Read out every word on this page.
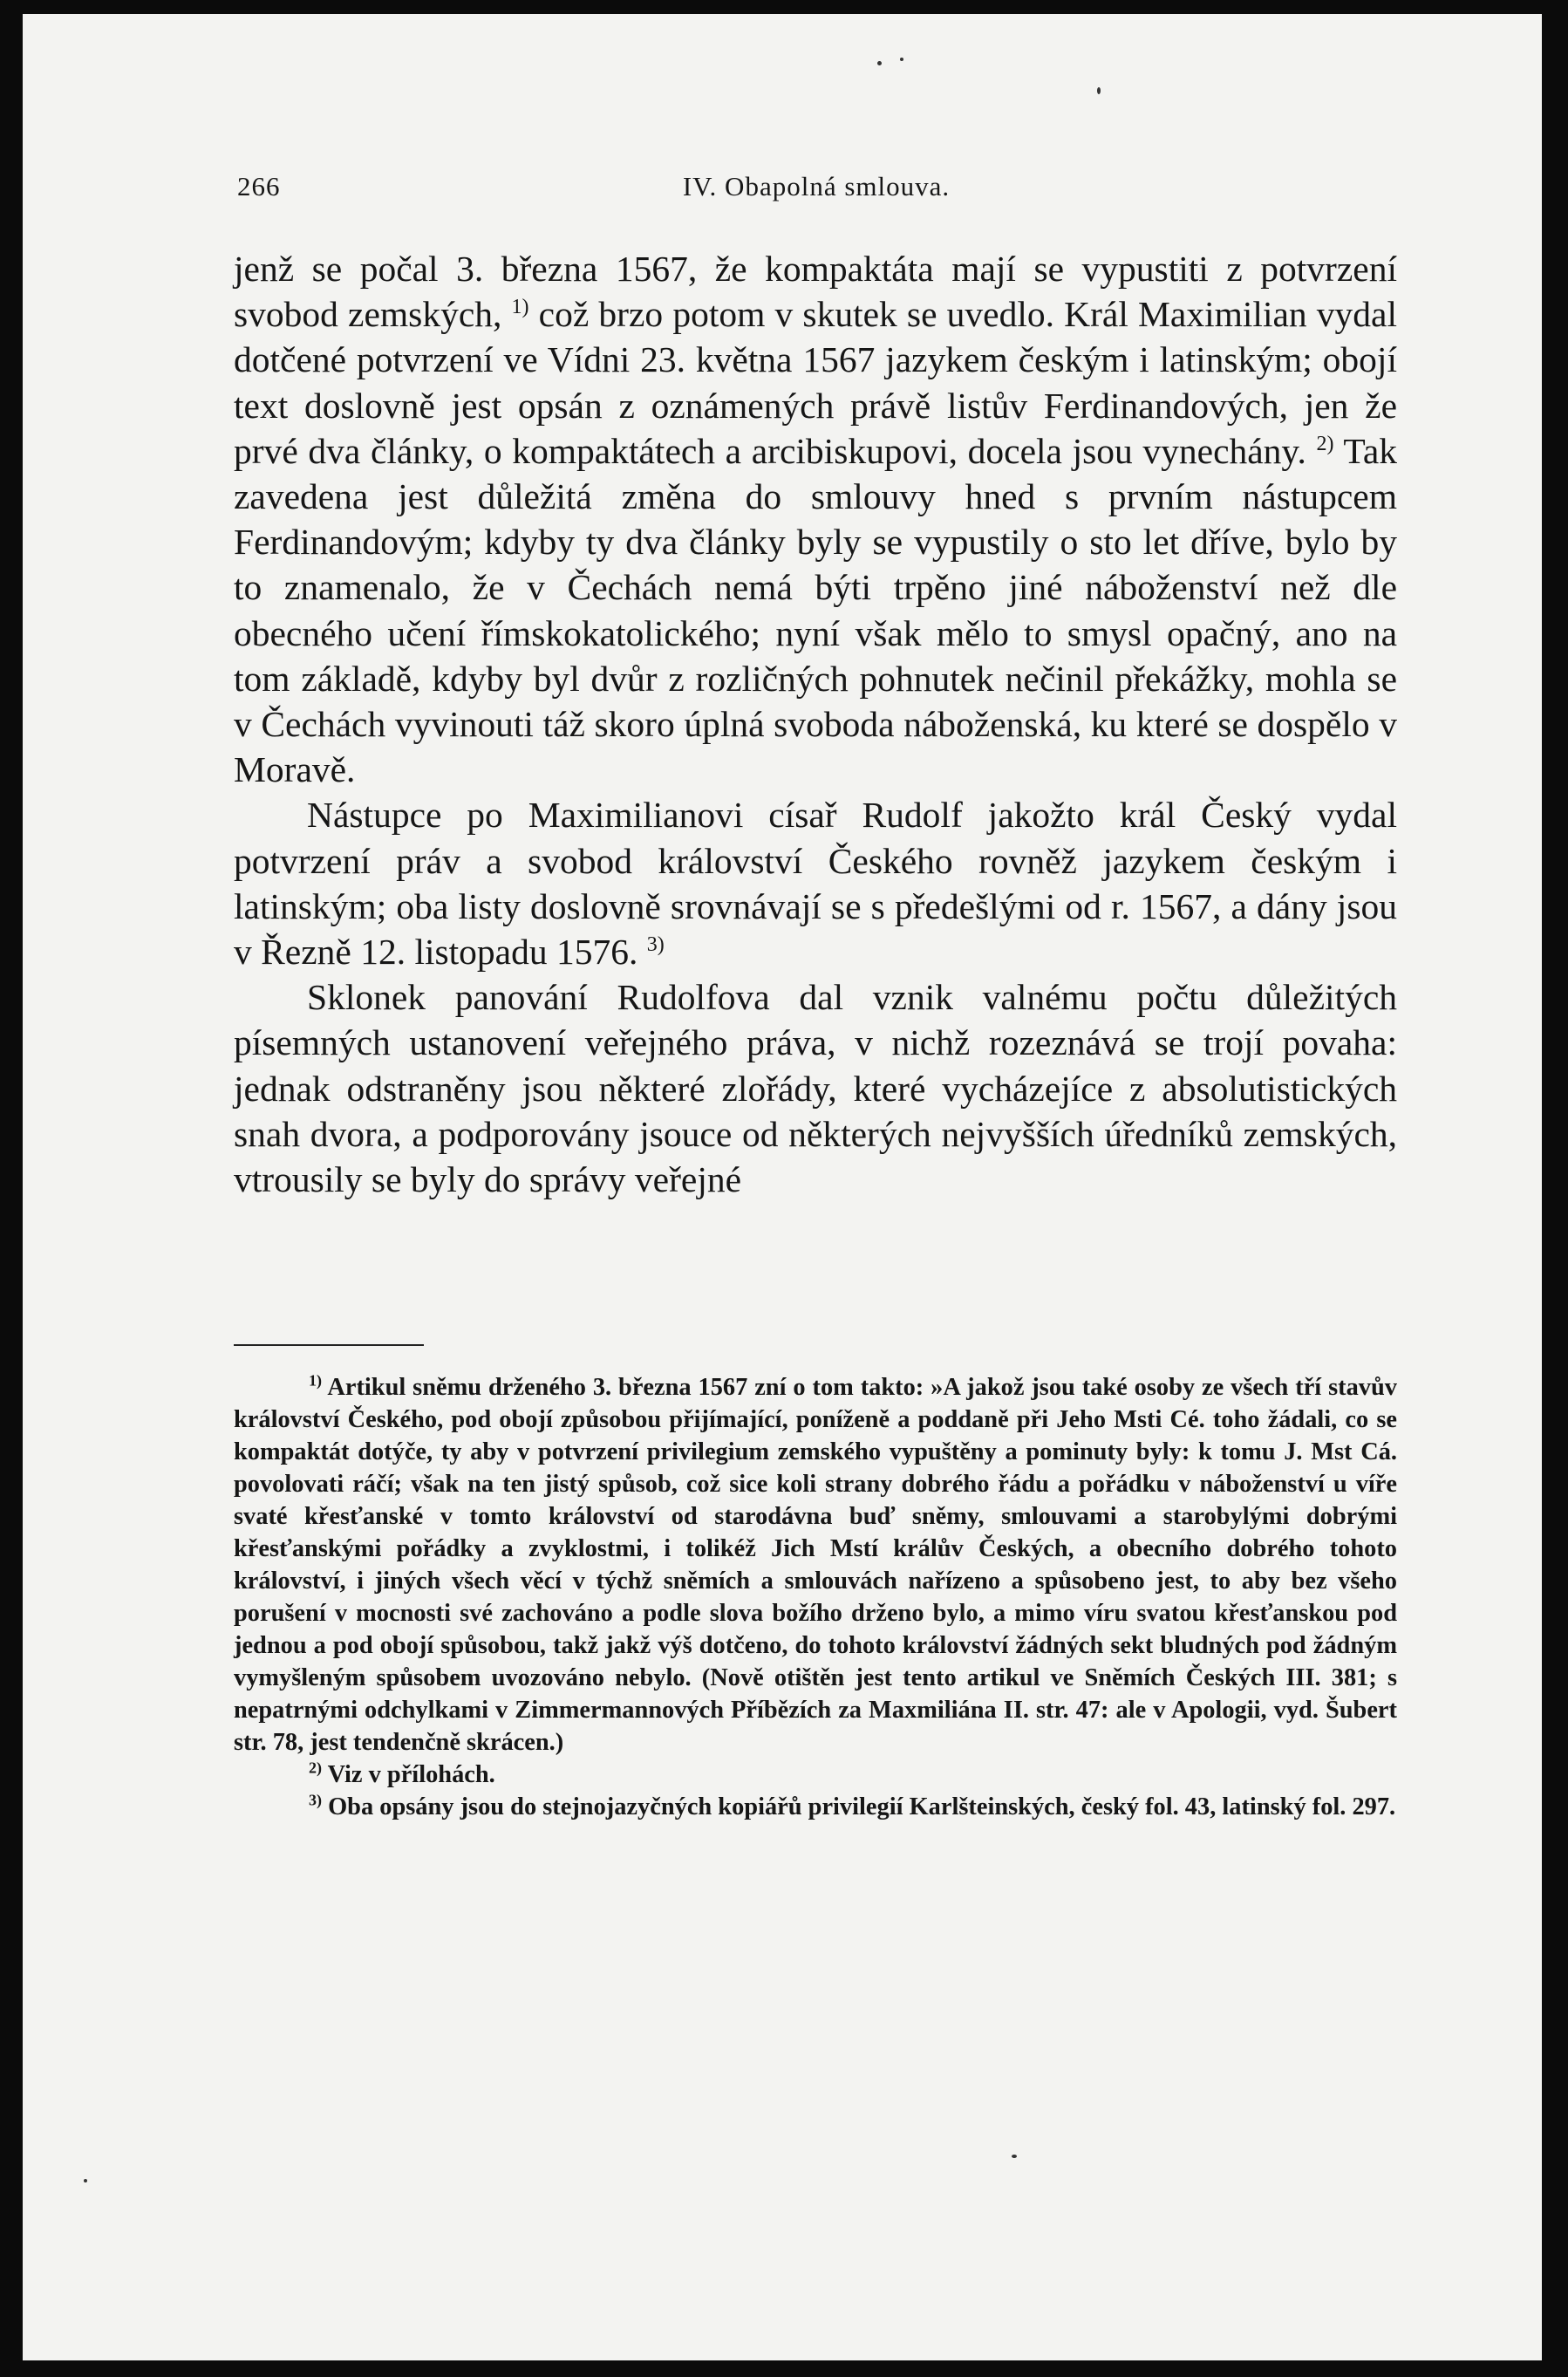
266	IV. Obapolná smlouva.

jenž se počal 3. března 1567, že kompaktáta mají se vypustiti z potvrzení svobod zemských, $^{1)}$ což brzo potom v skutek se uvedlo. Král Maximilian vydal dotčené potvrzení ve Vídni 23. května 1567 jazykem českým i latinským; obojí text doslovně jest opsán z oznámených právě listův Ferdinandových, jen že prvé dva články, o kompaktátech a arcibiskupovi, docela jsou vynechány. $^{2)}$ Tak zavedena jest důležitá změna do smlouvy hned s prvním nástupcem Ferdinandovým; kdyby ty dva články byly se vypustily o sto let dříve, bylo by to znamenalo, že v Čechách nemá býti trpěno jiné náboženství než dle obecného učení římskokatolického; nyní však mělo to smysl opačný, ano na tom základě, kdyby byl dvůr z rozličných pohnutek nečinil překážky, mohla se v Čechách vyvinouti táž skoro úplná svoboda náboženská, ku které se dospělo v Moravě.

Nástupce po Maximilianovi císař Rudolf jakožto král Český vydal potvrzení práv a svobod království Českého rovněž jazykem českým i latinským; oba listy doslovně srovnávají se s předešlými od r. 1567, a dány jsou v Řezně 12. listopadu 1576. $^{3)}$

Sklonek panování Rudolfova dal vznik valnému počtu důležitých písemných ustanovení veřejného práva, v nichž rozeznává se trojí povaha: jednak odstraněny jsou některé zlořády, které vycházejíce z absolutistických snah dvora, a podporovány jsouce od některých nejvyšších úředníků zemských, vtrousily se byly do správy veřejné

$^{1)}$ Artikul sněmu drženého 3. března 1567 zní o tom takto: »A jakož jsou také osoby ze všech tří stavův království Českého, pod obojí způsobou přijímající, poníženě a poddaně při Jeho Msti Cé. toho žádali, co se kompaktát dotýče, ty aby v potvrzení privilegium zemského vypuštěny a pominuty byly: k tomu J. Mst Cá. povolovati ráčí; však na ten jistý spůsob, což sice koli strany dobrého řádu a pořádku v náboženství u víře svaté křesťanské v tomto království od starodávna buď sněmy, smlouvami a starobylými dobrými křesťanskými pořádky a zvyklostmi, i tolikéž Jich Mstí králův Českých, a obecního dobrého tohoto království, i jiných všech věcí v týchž sněmích a smlouvách nařízeno a spůsobeno jest, to aby bez všeho porušení v mocnosti své zachováno a podle slova božího drženo bylo, a mimo víru svatou křesťanskou pod jednou a pod obojí spůsobou, takž jakž výš dotčeno, do tohoto království žádných sekt bludných pod žádným vymyšleným spůsobem uvozováno nebylo. (Nově otištěn jest tento artikul ve Sněmích Českých III. 381; s nepatrnými odchylkami v Zimmermannových Příbězích za Maxmiliána II. str. 47: ale v Apologii, vyd. Šubert str. 78, jest tendenčně skrácen.)

$^{2)}$ Viz v přílohách.

$^{3)}$ Oba opsány jsou do stejnojazyčných kopiářů privilegií Karlšteinských, český fol. 43, latinský fol. 297.
